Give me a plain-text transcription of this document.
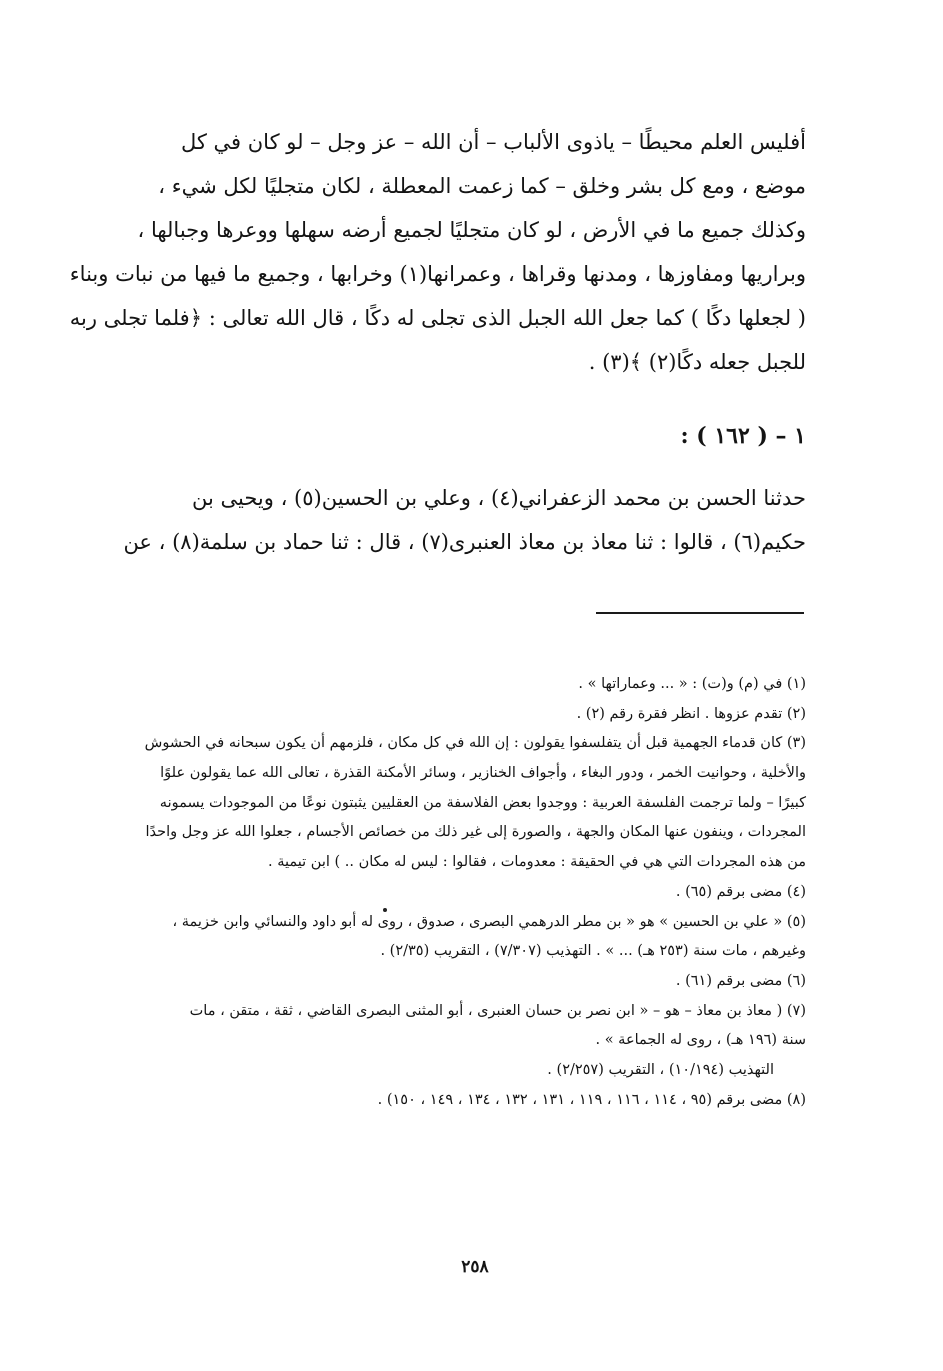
أفليس العلم محيطًا – ياذوى الألباب – أن الله – عز وجل – لو كان في كل
موضع ، ومع كل بشر وخلق – كما زعمت المعطلة ، لكان متجليًا لكل شيء ،
وكذلك جميع ما في الأرض ، لو كان متجليًا لجميع أرضه سهلها ووعرها وجبالها ،
وبراريها ومفاوزها ، ومدنها وقراها ، وعمرانها(١) وخرابها ، وجميع ما فيها من نبات وبناء
( لجعلها دكًا ) كما جعل الله الجبل الذى تجلى له دكًا ، قال الله تعالى : ﴿فلما تجلى ربه
للجبل جعله دكًا(٢) ﴾(٣) .
١ – ( ١٦٢ ) :
حدثنا الحسن بن محمد الزعفراني(٤) ، وعلي بن الحسين(٥) ، ويحيى بن
حكيم(٦) ، قالوا : ثنا معاذ بن معاذ العنبرى(٧) ، قال : ثنا حماد بن سلمة(٨) ، عن
(١) في (م) و(ت) : « ... وعماراتها » .
(٢) تقدم عزوها . انظر فقرة رقم (٢) .
(٣) كان قدماء الجهمية قبل أن يتفلسفوا يقولون : إن الله في كل مكان ، فلزمهم أن يكون سبحانه في الحشوش
والأخلية ، وحوانيت الخمر ، ودور البغاء ، وأجواف الخنازير ، وسائر الأمكنة القذرة ، تعالى الله عما يقولون علوًا
كبيرًا – ولما ترجمت الفلسفة العربية : ووجدوا بعض الفلاسفة من العقليين يثبتون نوعًا من الموجودات يسمونه
المجردات ، وينفون عنها المكان والجهة ، والصورة إلى غير ذلك من خصائص الأجسام ، جعلوا الله عز وجل واحدًا
من هذه المجردات التي هي في الحقيقة : معدومات ، فقالوا : ليس له مكان .. ) ابن تيمية .
(٤) مضى برقم (٦٥) .
(٥) « علي بن الحسين » هو « بن مطر الدرهمي البصرى ، صدوق ، روى له أبو داود والنسائي وابن خزيمة ،
وغيرهم ، مات سنة (٢٥٣ هـ) ... » . التهذيب (٧/٣٠٧) ، التقريب (٢/٣٥) .
(٦) مضى برقم (٦١) .
(٧) ( معاذ بن معاذ – هو – « ابن نصر بن حسان العنبرى ، أبو المثنى البصرى القاضي ، ثقة ، متقن ، مات
سنة (١٩٦ هـ) ، روى له الجماعة » .
التهذيب (١٠/١٩٤) ، التقريب (٢/٢٥٧) .
(٨) مضى برقم (٩٥ ، ١١٤ ، ١١٦ ، ١١٩ ، ١٣١ ، ١٣٢ ، ١٣٤ ، ١٤٩ ، ١٥٠) .
٢٥٨
